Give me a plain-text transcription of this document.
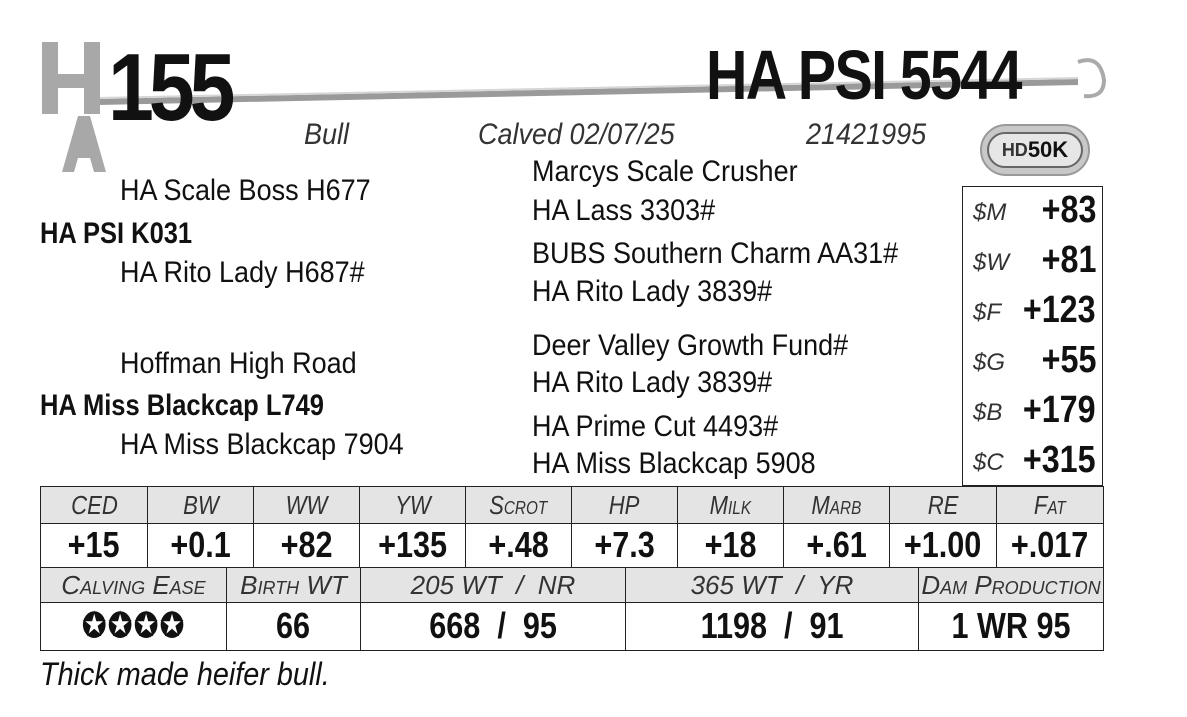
155	HA PSI 5544
Bull	Calved 02/07/25	21421995	HD 50K
HA Scale Boss H677
HA PSI K031
HA Rito Lady H687#
Hoffman High Road
HA Miss Blackcap L749
HA Miss Blackcap 7904
Marcys Scale Crusher
HA Lass 3303#
BUBS Southern Charm AA31#
HA Rito Lady 3839#
Deer Valley Growth Fund#
HA Rito Lady 3839#
HA Prime Cut 4493#
HA Miss Blackcap 5908
$M +83
$W +81
$F +123
$G +55
$B +179
$C +315
CED	BW	WW	YW	Scrot	HP	Milk	Marb	RE	Fat
+15	+0.1	+82	+135	+.48	+7.3	+18	+.61	+1.00 +.017
Calving Ease	Birth WT	205 WT  /  NR	365 WT  /  YR	Dam Production
✪✪✪✪	66	668  /  95	1198  /  91	1 WR 95
Thick made heifer bull.
